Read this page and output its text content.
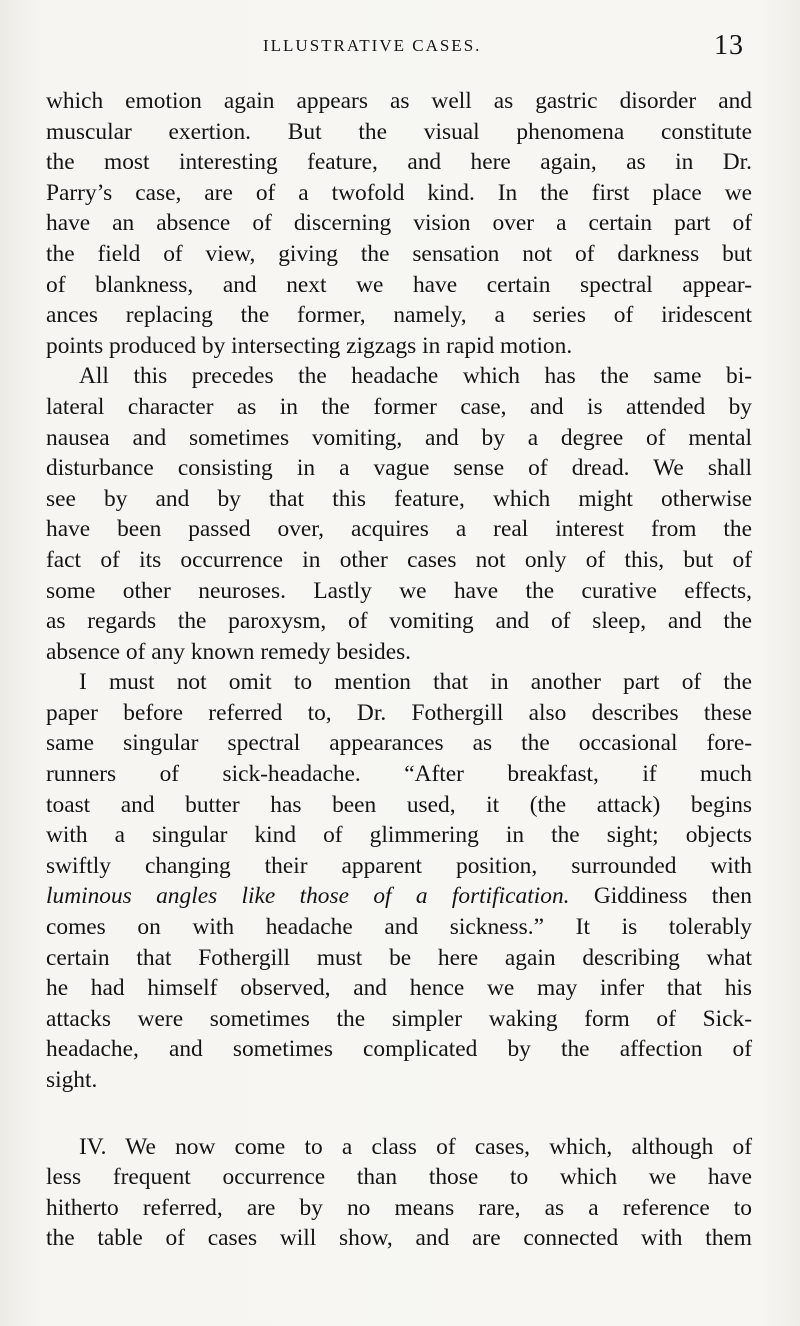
ILLUSTRATIVE CASES.	13
which emotion again appears as well as gastric disorder and
muscular exertion. But the visual phenomena constitute
the most interesting feature, and here again, as in Dr.
Parry’s case, are of a twofold kind. In the first place we
have an absence of discerning vision over a certain part of
the field of view, giving the sensation not of darkness but
of blankness, and next we have certain spectral appear-
ances replacing the former, namely, a series of iridescent
points produced by intersecting zigzags in rapid motion.
All this precedes the headache which has the same bi-
lateral character as in the former case, and is attended by
nausea and sometimes vomiting, and by a degree of mental
disturbance consisting in a vague sense of dread. We shall
see by and by that this feature, which might otherwise
have been passed over, acquires a real interest from the
fact of its occurrence in other cases not only of this, but of
some other neuroses. Lastly we have the curative effects,
as regards the paroxysm, of vomiting and of sleep, and the
absence of any known remedy besides.
I must not omit to mention that in another part of the
paper before referred to, Dr. Fothergill also describes these
same singular spectral appearances as the occasional fore-
runners of sick-headache. “After breakfast, if much
toast and butter has been used, it (the attack) begins
with a singular kind of glimmering in the sight; objects
swiftly changing their apparent position, surrounded with
luminous angles like those of a fortification. Giddiness then
comes on with headache and sickness.” It is tolerably
certain that Fothergill must be here again describing what
he had himself observed, and hence we may infer that his
attacks were sometimes the simpler waking form of Sick-
headache, and sometimes complicated by the affection of
sight.
IV. We now come to a class of cases, which, although of
less frequent occurrence than those to which we have
hitherto referred, are by no means rare, as a reference to
the table of cases will show, and are connected with them
